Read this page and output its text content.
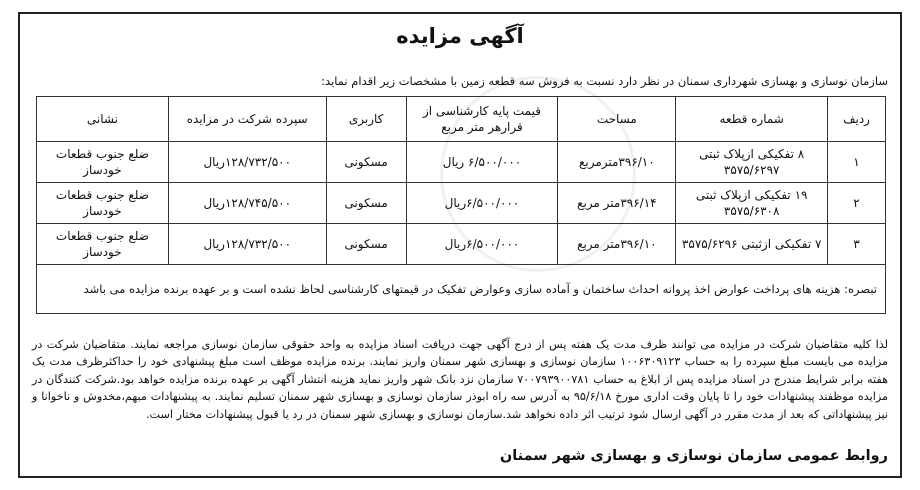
آگهی مزایده
سازمان نوسازی و بهسازی شهرداری سمنان در نظر دارد نسبت به فروش سه قطعه زمین با مشخصات زیر اقدام نماید:
ردیف	شماره قطعه	مساحت	قیمت پایه کارشناسی از قرارهر متر مربع	کاربری	سپرده شرکت در مزایده	نشانی
۱	۸ تفکیکی ازپلاک ثبتی ۳۵۷۵/۶۲۹۷	۳۹۶/۱۰مترمربع	۶/۵۰۰/۰۰۰ ریال	مسکونی	۱۲۸/۷۳۲/۵۰۰ریال	ضلع جنوب قطعات خودساز
۲	۱۹ تفکیکی ازپلاک ثبتی ۳۵۷۵/۶۳۰۸	۳۹۶/۱۴متر مربع	۶/۵۰۰/۰۰۰ریال	مسکونی	۱۲۸/۷۴۵/۵۰۰ریال	ضلع جنوب قطعات خودساز
۳	۷ تفکیکی ازثبتی ۳۵۷۵/۶۲۹۶	۳۹۶/۱۰متر مربع	۶/۵۰۰/۰۰۰ریال	مسکونی	۱۲۸/۷۳۲/۵۰۰ریال	ضلع جنوب قطعات خودساز
تبصره: هزینه های پرداخت عوارض اخذ پروانه احداث ساختمان و آماده سازی وعوارض تفکیک در قیمتهای کارشناسی لحاظ نشده است و بر عهده برنده مزایده می باشد						
لذا کلیه متقاضیان شرکت در مزایده می توانند ظرف مدت یک هفته پس از درج آگهی جهت دریافت اسناد مزایده به واحد حقوقی سازمان نوسازی مراجعه نمایند. متقاضیان شرکت در مزایده می بایست مبلغ سپرده را به حساب ۱۰۰۶۳۰۹۱۲۳ سازمان نوسازی و بهسازی شهر سمنان واریز نمایند. برنده مزایده موظف است مبلغ پیشنهادی خود را حداکثرظرف مدت یک هفته برابر شرایط مندرج در اسناد مزایده پس از ابلاغ به حساب ۷۰۰۷۹۳۹۰۰۷۸۱ سازمان نزد بانک شهر واریز نماید هزینه انتشار آگهی بر عهده برنده مزایده خواهد بود.شرکت کنندگان در مزایده موظفند پیشنهادات خود را تا پایان وقت اداری مورخ ۹۵/۶/۱۸ به آدرس سه راه ابوذر سازمان نوسازی و بهسازی شهر سمنان تسلیم نمایند. به پیشنهادات مبهم،مخدوش و ناخوانا و نیز پیشنهاداتی که بعد از مدت مقرر در آگهی ارسال شود ترتیب اثر داده نخواهد شد.سازمان نوسازی و بهسازی شهر سمنان در رد یا قبول پیشنهادات مختار است.
روابط عمومی سازمان نوسازی و بهسازی شهر سمنان
